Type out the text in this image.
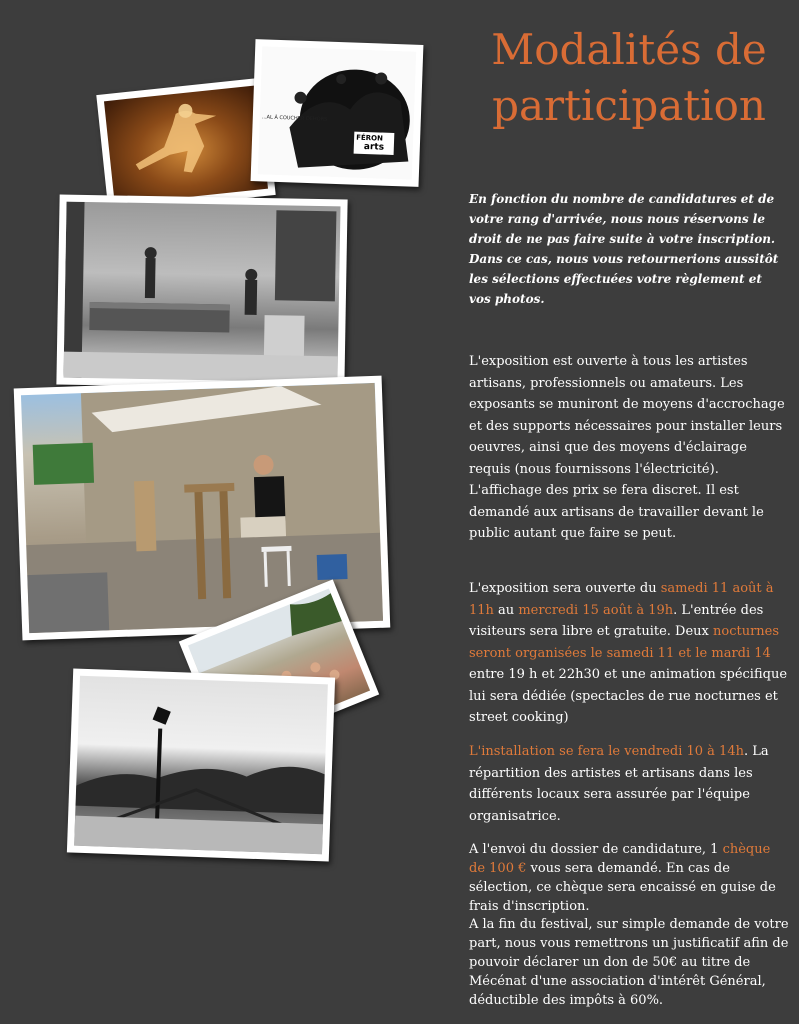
...AL À COUCHER DEHORS
FÉRON
arts
Modalités de
participation

En fonction du nombre de candidatures et de votre rang d'arrivée, nous nous réservons le droit de ne pas faire suite à votre inscription. Dans ce cas, nous vous retournerions aussitôt les sélections effectuées votre règlement et vos photos.

L'exposition est ouverte à tous les artistes artisans, professionnels ou amateurs. Les exposants se muniront de moyens d'accrochage et des supports nécessaires pour installer leurs oeuvres, ainsi que des moyens d'éclairage requis (nous fournissons l'électricité). L'affichage des prix se fera discret. Il est demandé aux artisans de travailler devant le public autant que faire se peut.

L'exposition sera ouverte du samedi 11 août à 11h au mercredi 15 août à 19h. L'entrée des visiteurs sera libre et gratuite. Deux nocturnes seront organisées le samedi 11 et le mardi 14 entre 19 h et 22h30 et une animation spécifique lui sera dédiée (spectacles de rue nocturnes et street cooking)

L'installation se fera le vendredi 10 à 14h. La répartition des artistes et artisans dans les différents locaux sera assurée par l'équipe organisatrice.

A l'envoi du dossier de candidature, 1 chèque de 100 € vous sera demandé. En cas de sélection, ce chèque sera encaissé en guise de frais d'inscription.

A la fin du festival, sur simple demande de votre part, nous vous remettrons un justificatif afin de pouvoir déclarer un don de 50€ au titre de Mécénat d'une association d'intérêt Général, déductible des impôts à 60%.
